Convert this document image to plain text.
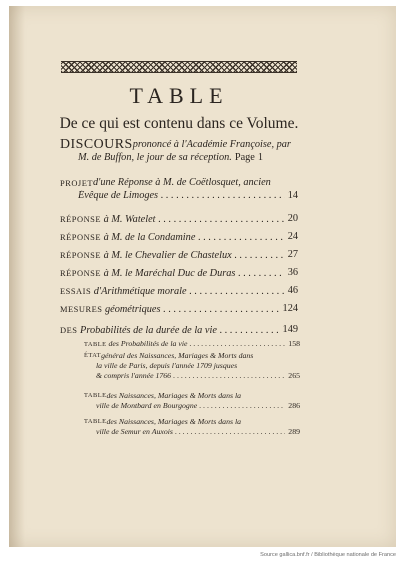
TABLE
De ce qui est contenu dans ce Volume.
DISCOURS prononcé à l'Académie Françoise, par
M. de Buffon, le jour de sa réception. Page 1
PROJET d'une Réponse à M. de Coëtlosquet, ancien
Évêque de Limoges . . .	14
RÉPONSE à M. Watelet . . .	20
RÉPONSE à M. de la Condamine . . .	24
RÉPONSE à M. le Chevalier de Chastelux . . .	27
RÉPONSE à M. le Maréchal Duc de Duras . . .	36
ESSAIS d'Arithmétique morale . . .	46
MESURES géométriques . . .	124
DES Probabilités de la durée de la vie . . .	149
TABLE des Probabilités de la vie . . .	158
ÉTAT général des Naissances, Mariages & Morts dans
la ville de Paris, depuis l'année 1709 jusques
& compris l'année 1766 . . .	265
TABLE des Naissances, Mariages & Morts dans la
ville de Montbard en Bourgogne . . .	286
TABLE des Naissances, Mariages & Morts dans la
ville de Semur en Auxois . . .	289
Source gallica.bnf.fr / Bibliothèque nationale de France
